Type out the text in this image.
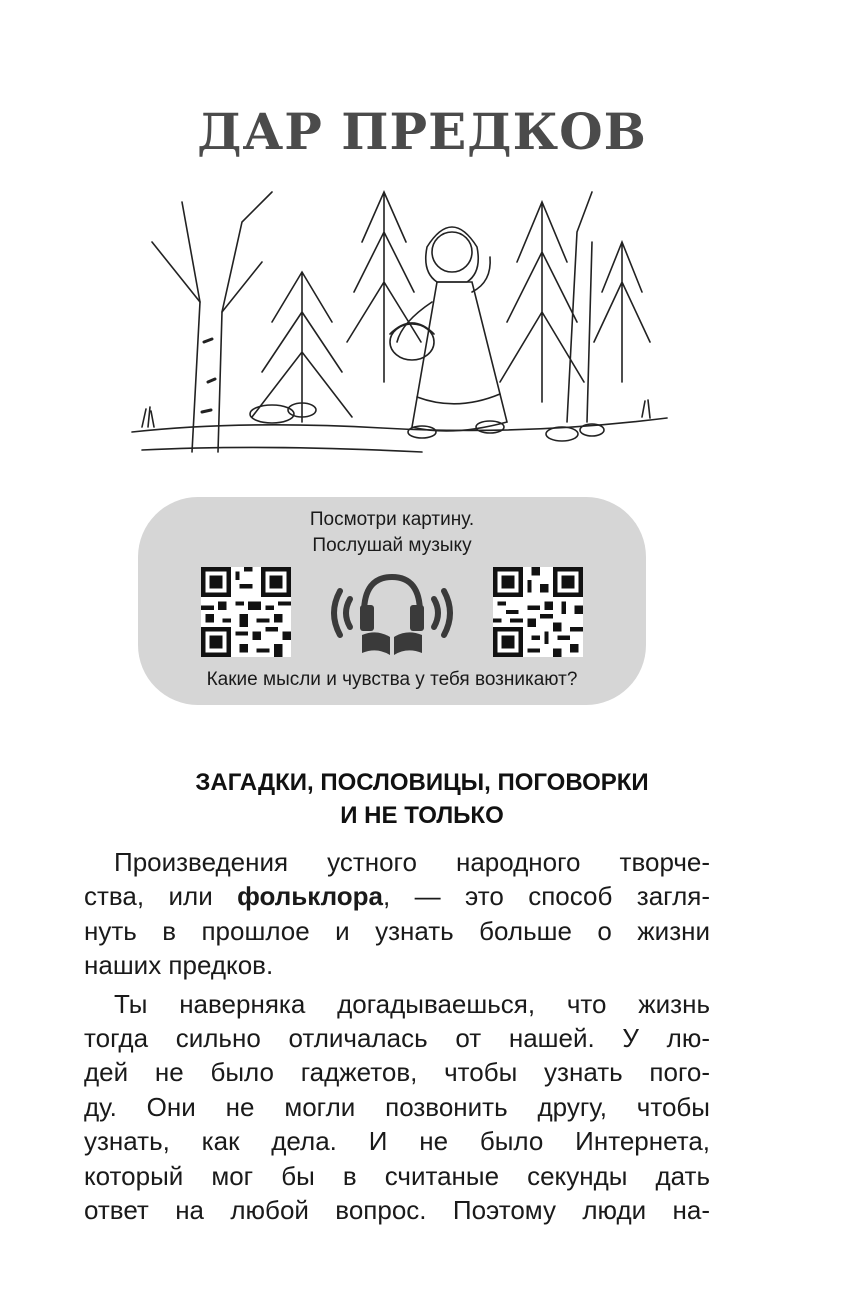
ДАР ПРЕДКОВ
Посмотри картину.
Послушай музыку
Какие мысли и чувства у тебя возникают?
ЗАГАДКИ, ПОСЛОВИЦЫ, ПОГОВОРКИ
И НЕ ТОЛЬКО

Произведения устного народного творче-
ства, или фольклора, — это способ загля-
нуть в прошлое и узнать больше о жизни
наших предков.

Ты наверняка догадываешься, что жизнь
тогда сильно отличалась от нашей. У лю-
дей не было гаджетов, чтобы узнать пого-
ду. Они не могли позвонить другу, чтобы
узнать, как дела. И не было Интернета,
который мог бы в считаные секунды дать
ответ на любой вопрос. Поэтому люди на-
